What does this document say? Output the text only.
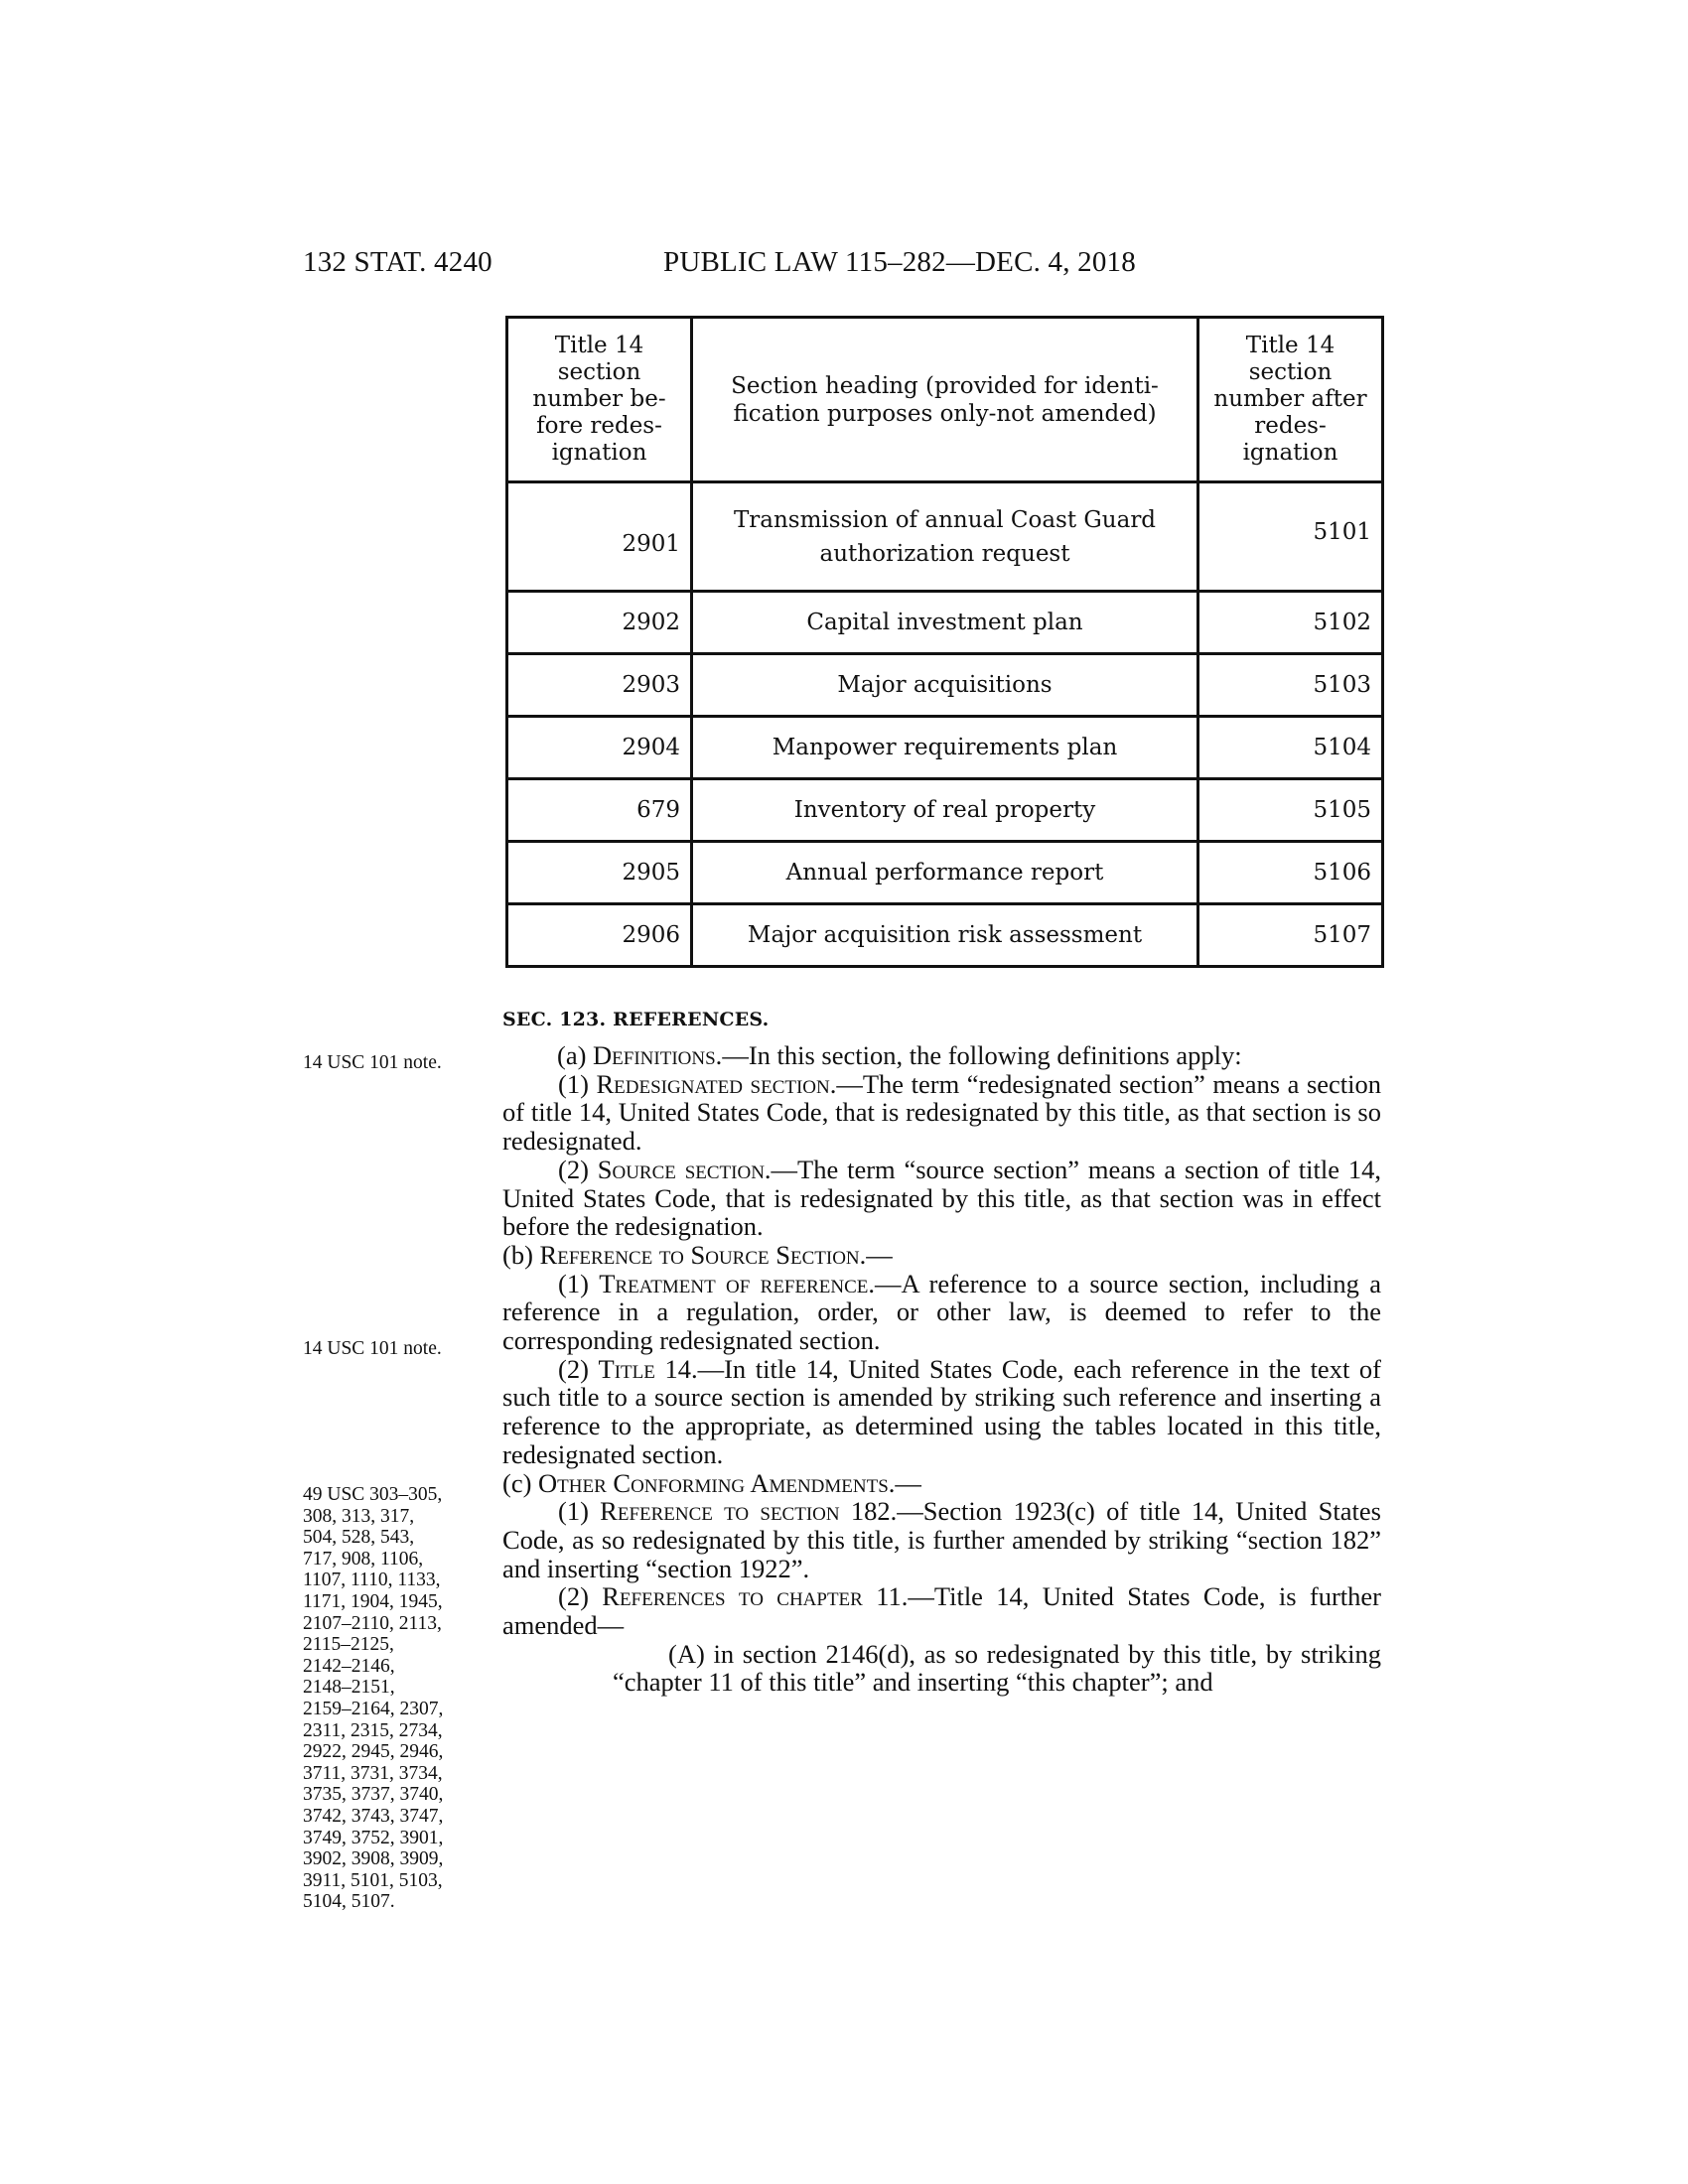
132 STAT. 4240	PUBLIC LAW 115–282—DEC. 4, 2018
Title 14 section number be- fore redes- ignation	Section heading (provided for identi- fication purposes only-not amended)	Title 14 section number after redes- ignation
2901	Transmission of annual Coast Guard authorization request	5101
2902	Capital investment plan	5102
2903	Major acquisitions	5103
2904	Manpower requirements plan	5104
679	Inventory of real property	5105
2905	Annual performance report	5106
2906	Major acquisition risk assessment	5107
SEC. 123. REFERENCES.
14 USC 101 note.
14 USC 101 note.
49 USC 303–305,
308, 313, 317,
504, 528, 543,
717, 908, 1106,
1107, 1110, 1133,
1171, 1904, 1945,
2107–2110, 2113,
2115–2125,
2142–2146,
2148–2151,
2159–2164, 2307,
2311, 2315, 2734,
2922, 2945, 2946,
3711, 3731, 3734,
3735, 3737, 3740,
3742, 3743, 3747,
3749, 3752, 3901,
3902, 3908, 3909,
3911, 5101, 5103,
5104, 5107.

(a) Definitions.—In this section, the following definitions apply:

(1) Redesignated section.—The term “redesignated section” means a section of title 14, United States Code, that is redesignated by this title, as that section is so redesignated.

(2) Source section.—The term “source section” means a section of title 14, United States Code, that is redesignated by this title, as that section was in effect before the redesignation.

(b) Reference to Source Section.—

(1) Treatment of reference.—A reference to a source section, including a reference in a regulation, order, or other law, is deemed to refer to the corresponding redesignated section.

(2) Title 14.—In title 14, United States Code, each reference in the text of such title to a source section is amended by striking such reference and inserting a reference to the appropriate, as determined using the tables located in this title, redesignated section.

(c) Other Conforming Amendments.—

(1) Reference to section 182.—Section 1923(c) of title 14, United States Code, as so redesignated by this title, is further amended by striking “section 182” and inserting “section 1922”.

(2) References to chapter 11.—Title 14, United States Code, is further amended—

(A) in section 2146(d), as so redesignated by this title, by striking “chapter 11 of this title” and inserting “this chapter”; and
